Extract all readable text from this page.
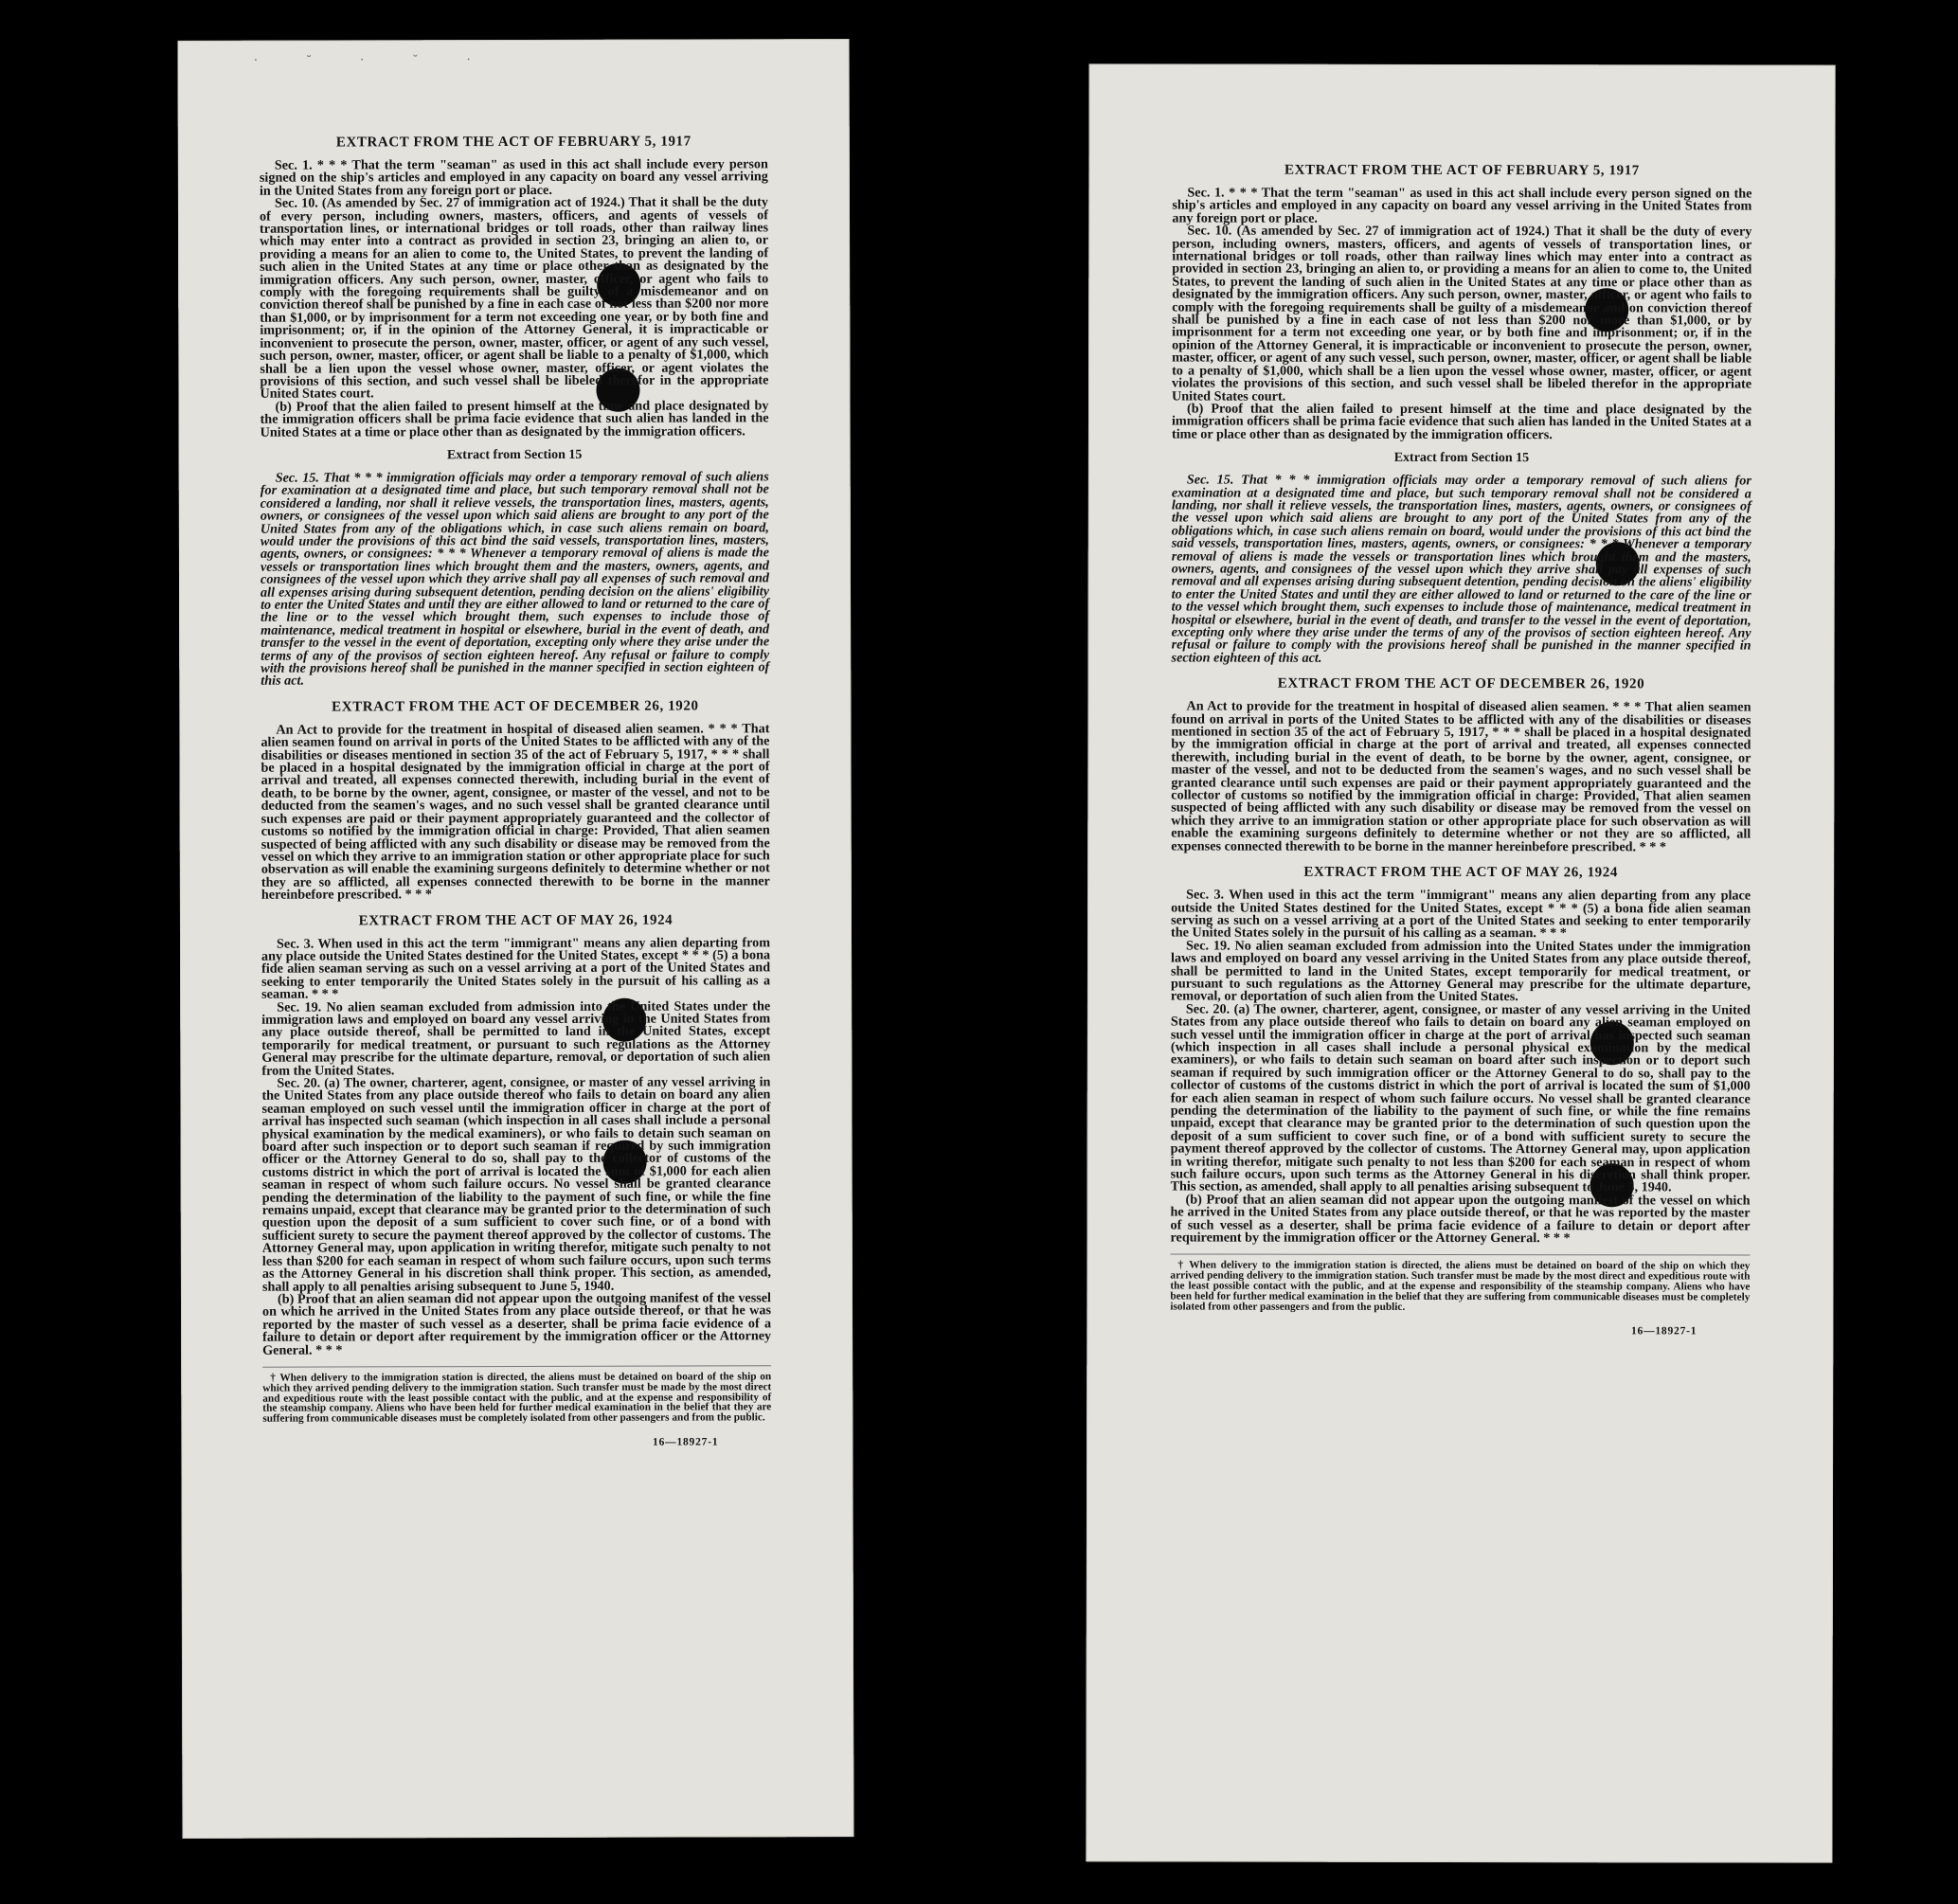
· ˘ · ˘ ·
EXTRACT FROM THE ACT OF FEBRUARY 5, 1917

Sec. 1. * * * That the term "seaman" as used in this act shall include every person signed on the ship's articles and employed in any capacity on board any vessel arriving in the United States from any foreign port or place.

Sec. 10. (As amended by Sec. 27 of immigration act of 1924.) That it shall be the duty of every person, including owners, masters, officers, and agents of vessels of transportation lines, or international bridges or toll roads, other than railway lines which may enter into a contract as provided in section 23, bringing an alien to, or providing a means for an alien to come to, the United States, to prevent the landing of such alien in the United States at any time or place other than as designated by the immigration officers. Any such person, owner, master, officer, or agent who fails to comply with the foregoing requirements shall be guilty of a misdemeanor and on conviction thereof shall be punished by a fine in each case of not less than $200 nor more than $1,000, or by imprisonment for a term not exceeding one year, or by both fine and imprisonment; or, if in the opinion of the Attorney General, it is impracticable or inconvenient to prosecute the person, owner, master, officer, or agent of any such vessel, such person, owner, master, officer, or agent shall be liable to a penalty of $1,000, which shall be a lien upon the vessel whose owner, master, officer, or agent violates the provisions of this section, and such vessel shall be libeled therefor in the appropriate United States court.

(b) Proof that the alien failed to present himself at the time and place designated by the immigration officers shall be prima facie evidence that such alien has landed in the United States at a time or place other than as designated by the immigration officers.

Extract from Section 15

Sec. 15. That * * * immigration officials may order a temporary removal of such aliens for examination at a designated time and place, but such temporary removal shall not be considered a landing, nor shall it relieve vessels, the transportation lines, masters, agents, owners, or consignees of the vessel upon which said aliens are brought to any port of the United States from any of the obligations which, in case such aliens remain on board, would under the provisions of this act bind the said vessels, transportation lines, masters, agents, owners, or consignees: * * * Whenever a temporary removal of aliens is made the vessels or transportation lines which brought them and the masters, owners, agents, and consignees of the vessel upon which they arrive shall pay all expenses of such removal and all expenses arising during subsequent detention, pending decision on the aliens' eligibility to enter the United States and until they are either allowed to land or returned to the care of the line or to the vessel which brought them, such expenses to include those of maintenance, medical treatment in hospital or elsewhere, burial in the event of death, and transfer to the vessel in the event of deportation, excepting only where they arise under the terms of any of the provisos of section eighteen hereof. Any refusal or failure to comply with the provisions hereof shall be punished in the manner specified in section eighteen of this act.

EXTRACT FROM THE ACT OF DECEMBER 26, 1920

An Act to provide for the treatment in hospital of diseased alien seamen. * * * That alien seamen found on arrival in ports of the United States to be afflicted with any of the disabilities or diseases mentioned in section 35 of the act of February 5, 1917, * * * shall be placed in a hospital designated by the immigration official in charge at the port of arrival and treated, all expenses connected therewith, including burial in the event of death, to be borne by the owner, agent, consignee, or master of the vessel, and not to be deducted from the seamen's wages, and no such vessel shall be granted clearance until such expenses are paid or their payment appropriately guaranteed and the collector of customs so notified by the immigration official in charge: Provided, That alien seamen suspected of being afflicted with any such disability or disease may be removed from the vessel on which they arrive to an immigration station or other appropriate place for such observation as will enable the examining surgeons definitely to determine whether or not they are so afflicted, all expenses connected therewith to be borne in the manner hereinbefore prescribed. * * *

EXTRACT FROM THE ACT OF MAY 26, 1924

Sec. 3. When used in this act the term "immigrant" means any alien departing from any place outside the United States destined for the United States, except * * * (5) a bona fide alien seaman serving as such on a vessel arriving at a port of the United States and seeking to enter temporarily the United States solely in the pursuit of his calling as a seaman. * * *

Sec. 19. No alien seaman excluded from admission into the United States under the immigration laws and employed on board any vessel arriving in the United States from any place outside thereof, shall be permitted to land in the United States, except temporarily for medical treatment, or pursuant to such regulations as the Attorney General may prescribe for the ultimate departure, removal, or deportation of such alien from the United States.

Sec. 20. (a) The owner, charterer, agent, consignee, or master of any vessel arriving in the United States from any place outside thereof who fails to detain on board any alien seaman employed on such vessel until the immigration officer in charge at the port of arrival has inspected such seaman (which inspection in all cases shall include a personal physical examination by the medical examiners), or who fails to detain such seaman on board after such inspection or to deport such seaman if required by such immigration officer or the Attorney General to do so, shall pay to the collector of customs of the customs district in which the port of arrival is located the sum of $1,000 for each alien seaman in respect of whom such failure occurs. No vessel shall be granted clearance pending the determination of the liability to the payment of such fine, or while the fine remains unpaid, except that clearance may be granted prior to the determination of such question upon the deposit of a sum sufficient to cover such fine, or of a bond with sufficient surety to secure the payment thereof approved by the collector of customs. The Attorney General may, upon application in writing therefor, mitigate such penalty to not less than $200 for each seaman in respect of whom such failure occurs, upon such terms as the Attorney General in his discretion shall think proper. This section, as amended, shall apply to all penalties arising subsequent to June 5, 1940.

(b) Proof that an alien seaman did not appear upon the outgoing manifest of the vessel on which he arrived in the United States from any place outside thereof, or that he was reported by the master of such vessel as a deserter, shall be prima facie evidence of a failure to detain or deport after requirement by the immigration officer or the Attorney General. * * *

† When delivery to the immigration station is directed, the aliens must be detained on board of the ship on which they arrived pending delivery to the immigration station. Such transfer must be made by the most direct and expeditious route with the least possible contact with the public, and at the expense and responsibility of the steamship company. Aliens who have been held for further medical examination in the belief that they are suffering from communicable diseases must be completely isolated from other passengers and from the public.

16—18927-1
EXTRACT FROM THE ACT OF FEBRUARY 5, 1917

Sec. 1. * * * That the term "seaman" as used in this act shall include every person signed on the ship's articles and employed in any capacity on board any vessel arriving in the United States from any foreign port or place.

Sec. 10. (As amended by Sec. 27 of immigration act of 1924.) That it shall be the duty of every person, including owners, masters, officers, and agents of vessels of transportation lines, or international bridges or toll roads, other than railway lines which may enter into a contract as provided in section 23, bringing an alien to, or providing a means for an alien to come to, the United States, to prevent the landing of such alien in the United States at any time or place other than as designated by the immigration officers. Any such person, owner, master, officer, or agent who fails to comply with the foregoing requirements shall be guilty of a misdemeanor and on conviction thereof shall be punished by a fine in each case of not less than $200 nor more than $1,000, or by imprisonment for a term not exceeding one year, or by both fine and imprisonment; or, if in the opinion of the Attorney General, it is impracticable or inconvenient to prosecute the person, owner, master, officer, or agent of any such vessel, such person, owner, master, officer, or agent shall be liable to a penalty of $1,000, which shall be a lien upon the vessel whose owner, master, officer, or agent violates the provisions of this section, and such vessel shall be libeled therefor in the appropriate United States court.

(b) Proof that the alien failed to present himself at the time and place designated by the immigration officers shall be prima facie evidence that such alien has landed in the United States at a time or place other than as designated by the immigration officers.

Extract from Section 15

Sec. 15. That * * * immigration officials may order a temporary removal of such aliens for examination at a designated time and place, but such temporary removal shall not be considered a landing, nor shall it relieve vessels, the transportation lines, masters, agents, owners, or consignees of the vessel upon which said aliens are brought to any port of the United States from any of the obligations which, in case such aliens remain on board, would under the provisions of this act bind the said vessels, transportation lines, masters, agents, owners, or consignees: * * * Whenever a temporary removal of aliens is made the vessels or transportation lines which brought them and the masters, owners, agents, and consignees of the vessel upon which they arrive shall pay all expenses of such removal and all expenses arising during subsequent detention, pending decision on the aliens' eligibility to enter the United States and until they are either allowed to land or returned to the care of the line or to the vessel which brought them, such expenses to include those of maintenance, medical treatment in hospital or elsewhere, burial in the event of death, and transfer to the vessel in the event of deportation, excepting only where they arise under the terms of any of the provisos of section eighteen hereof. Any refusal or failure to comply with the provisions hereof shall be punished in the manner specified in section eighteen of this act.

EXTRACT FROM THE ACT OF DECEMBER 26, 1920

An Act to provide for the treatment in hospital of diseased alien seamen. * * * That alien seamen found on arrival in ports of the United States to be afflicted with any of the disabilities or diseases mentioned in section 35 of the act of February 5, 1917, * * * shall be placed in a hospital designated by the immigration official in charge at the port of arrival and treated, all expenses connected therewith, including burial in the event of death, to be borne by the owner, agent, consignee, or master of the vessel, and not to be deducted from the seamen's wages, and no such vessel shall be granted clearance until such expenses are paid or their payment appropriately guaranteed and the collector of customs so notified by the immigration official in charge: Provided, That alien seamen suspected of being afflicted with any such disability or disease may be removed from the vessel on which they arrive to an immigration station or other appropriate place for such observation as will enable the examining surgeons definitely to determine whether or not they are so afflicted, all expenses connected therewith to be borne in the manner hereinbefore prescribed. * * *

EXTRACT FROM THE ACT OF MAY 26, 1924

Sec. 3. When used in this act the term "immigrant" means any alien departing from any place outside the United States destined for the United States, except * * * (5) a bona fide alien seaman serving as such on a vessel arriving at a port of the United States and seeking to enter temporarily the United States solely in the pursuit of his calling as a seaman. * * *

Sec. 19. No alien seaman excluded from admission into the United States under the immigration laws and employed on board any vessel arriving in the United States from any place outside thereof, shall be permitted to land in the United States, except temporarily for medical treatment, or pursuant to such regulations as the Attorney General may prescribe for the ultimate departure, removal, or deportation of such alien from the United States.

Sec. 20. (a) The owner, charterer, agent, consignee, or master of any vessel arriving in the United States from any place outside thereof who fails to detain on board any alien seaman employed on such vessel until the immigration officer in charge at the port of arrival has inspected such seaman (which inspection in all cases shall include a personal physical examination by the medical examiners), or who fails to detain such seaman on board after such inspection or to deport such seaman if required by such immigration officer or the Attorney General to do so, shall pay to the collector of customs of the customs district in which the port of arrival is located the sum of $1,000 for each alien seaman in respect of whom such failure occurs. No vessel shall be granted clearance pending the determination of the liability to the payment of such fine, or while the fine remains unpaid, except that clearance may be granted prior to the determination of such question upon the deposit of a sum sufficient to cover such fine, or of a bond with sufficient surety to secure the payment thereof approved by the collector of customs. The Attorney General may, upon application in writing therefor, mitigate such penalty to not less than $200 for each seaman in respect of whom such failure occurs, upon such terms as the Attorney General in his discretion shall think proper. This section, as amended, shall apply to all penalties arising subsequent to June 5, 1940.

(b) Proof that an alien seaman did not appear upon the outgoing manifest of the vessel on which he arrived in the United States from any place outside thereof, or that he was reported by the master of such vessel as a deserter, shall be prima facie evidence of a failure to detain or deport after requirement by the immigration officer or the Attorney General. * * *

† When delivery to the immigration station is directed, the aliens must be detained on board of the ship on which they arrived pending delivery to the immigration station. Such transfer must be made by the most direct and expeditious route with the least possible contact with the public, and at the expense and responsibility of the steamship company. Aliens who have been held for further medical examination in the belief that they are suffering from communicable diseases must be completely isolated from other passengers and from the public.

16—18927-1
